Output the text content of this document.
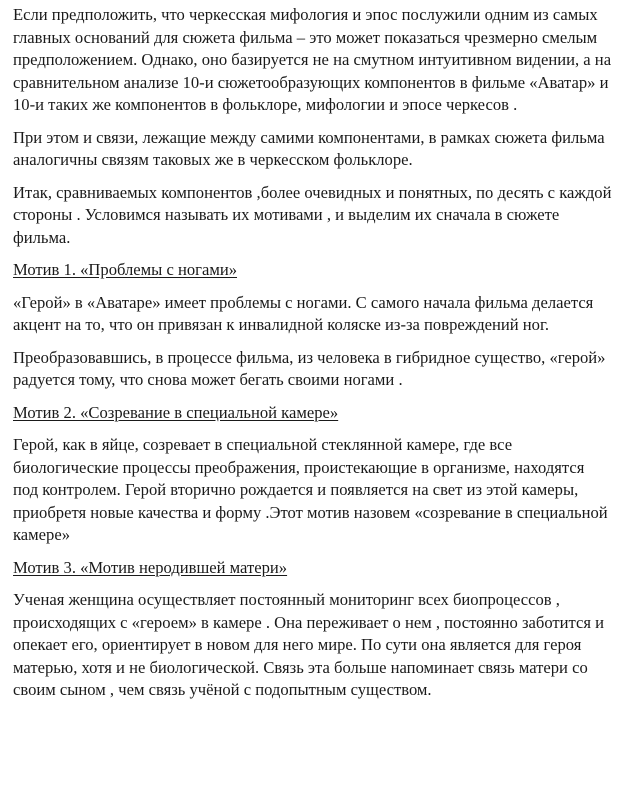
Если предположить, что черкесская мифология и эпос послужили одним из самых главных оснований для сюжета фильма – это может показаться чрезмерно смелым предположением. Однако, оно базируется не на смутном интуитивном видении, а на сравнительном анализе 10-и сюжетообразующих компонентов в фильме «Аватар» и 10-и таких же компонентов в фольклоре, мифологии и эпосе черкесов .

При этом и связи, лежащие между самими компонентами, в рамках сюжета фильма аналогичны связям таковых же в черкесском фольклоре.

Итак, сравниваемых компонентов ,более очевидных и понятных, по десять с каждой стороны . Условимся называть их мотивами , и выделим их сначала в сюжете фильма.

Мотив 1. «Проблемы с ногами»

«Герой» в «Аватаре» имеет проблемы с ногами. С самого начала фильма делается акцент на то, что он привязан к инвалидной коляске из-за повреждений ног.

Преобразовавшись, в процессе фильма, из человека в гибридное существо, «герой» радуется тому, что снова может бегать своими ногами .

Мотив 2. «Созревание в специальной камере»

Герой, как в яйце, созревает в специальной стеклянной камере, где все биологические процессы преображения, проистекающие в организме, находятся под контролем. Герой вторично рождается и появляется на свет из этой камеры, приобретя новые качества и форму .Этот мотив назовем «созревание в специальной камере»

Мотив 3. «Мотив неродившей матери»

Ученая женщина осуществляет постоянный мониторинг всех биопроцессов , происходящих с «героем» в камере . Она переживает о нем , постоянно заботится и опекает его, ориентирует в новом для него мире. По сути она является для героя матерью, хотя и не биологической. Связь эта больше напоминает связь матери со своим сыном , чем связь учёной с подопытным существом.
